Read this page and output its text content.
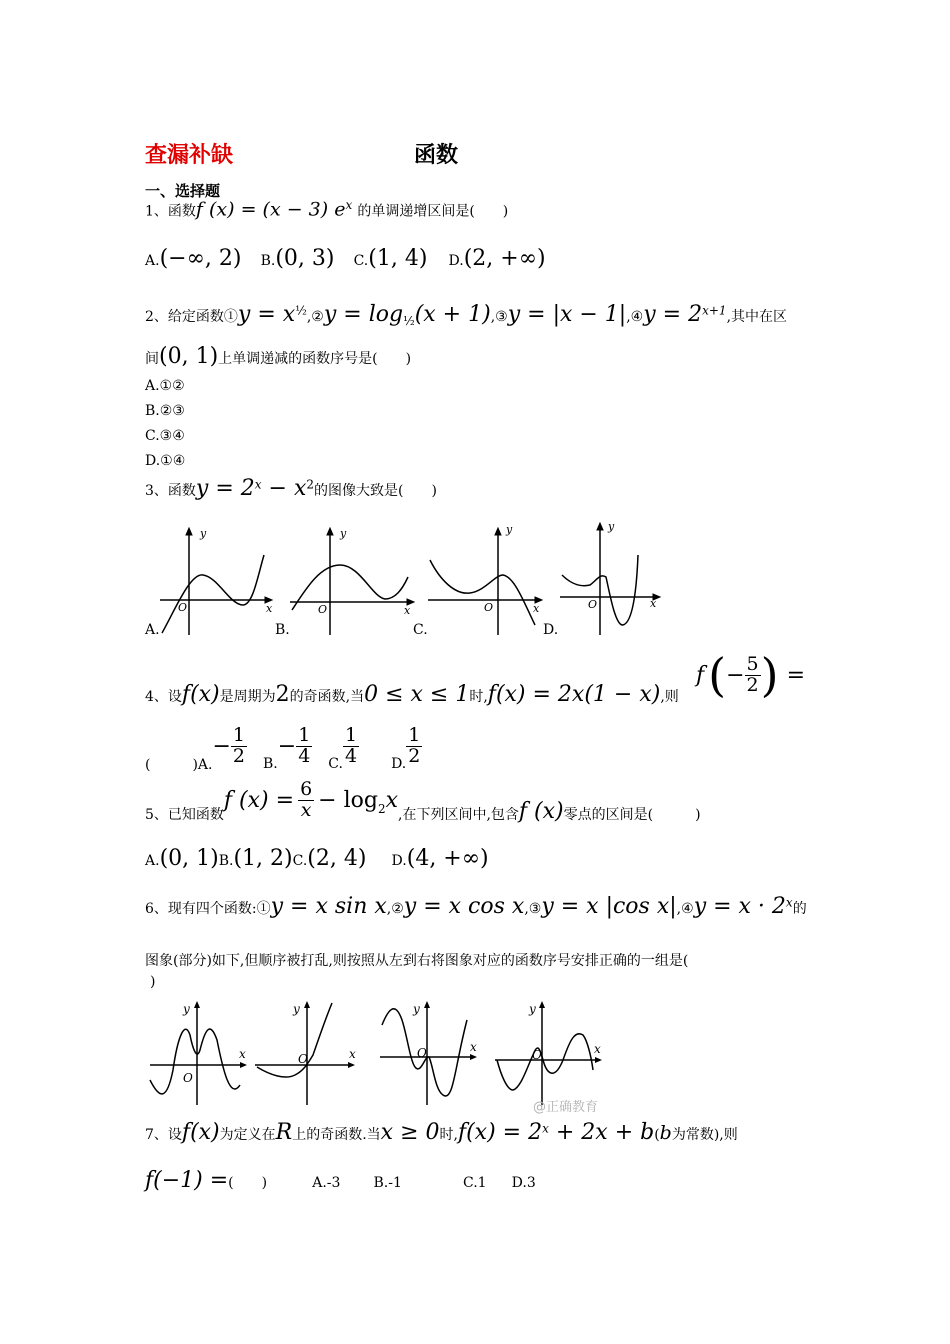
查漏补缺	函数
一、选择题
1、函数f (x) = (x − 3) $e^x$ 的单调递增区间是(　　)
A.(−∞, 2) B.(0, 3) C.(1, 4) D.(2, +∞)
2、给定函数①y = $x^{\frac{1}{2}},②y = \log_{\frac{1}{2}}(x$ + 1),③y = |x − 1|,④y = $2^{x+1}$,其中在区
间(0, 1)上单调递减的函数序号是(　　)
A.①②
B.②③
C.③④
D.①④
3、函数$y = 2^x - x^2$的图像大致是(　　)
y
x
O
y
x
O
y
x
O
y
x
O
A.	B.	C.	D.
4、设f(x)是周期为2的奇函数,当0 ≤ x ≤ 1时,f(x) = 2x(1 − x),则
f ( − $\frac{5}{2}$ ) =
(　　　)A.
− $\frac{1}{2} B$.
− $\frac{1}{4} C$. $\frac{1}{4} D$. $\frac{1}{2}$
5、已知函数
f $(x) = \frac{6}{x} - \log_2 x$
,在下列区间中,包含 f (x) 零点的区间是(　　　)
A.(0, 1)B.(1, 2)C.(2, 4) D.(4, +∞)
6、现有四个函数:①y = x sin x,②y = x cos x,③y = x |cos x|,④y = $x \cdot 2^x$的
图象(部分)如下,但顺序被打乱,则按照从左到右将图象对应的函数序号安排正确的一组是(
)
y
x
O
y
x
O
y
x
O
y
x
O
@正确教育
7、设f(x)为定义在R上的奇函数.当x ≥ 0时$,f(x) = 2^x + 2x + b(b$为常数),则
f(−1) =(　　)	A.-3 B.-1	C.1 D.3
